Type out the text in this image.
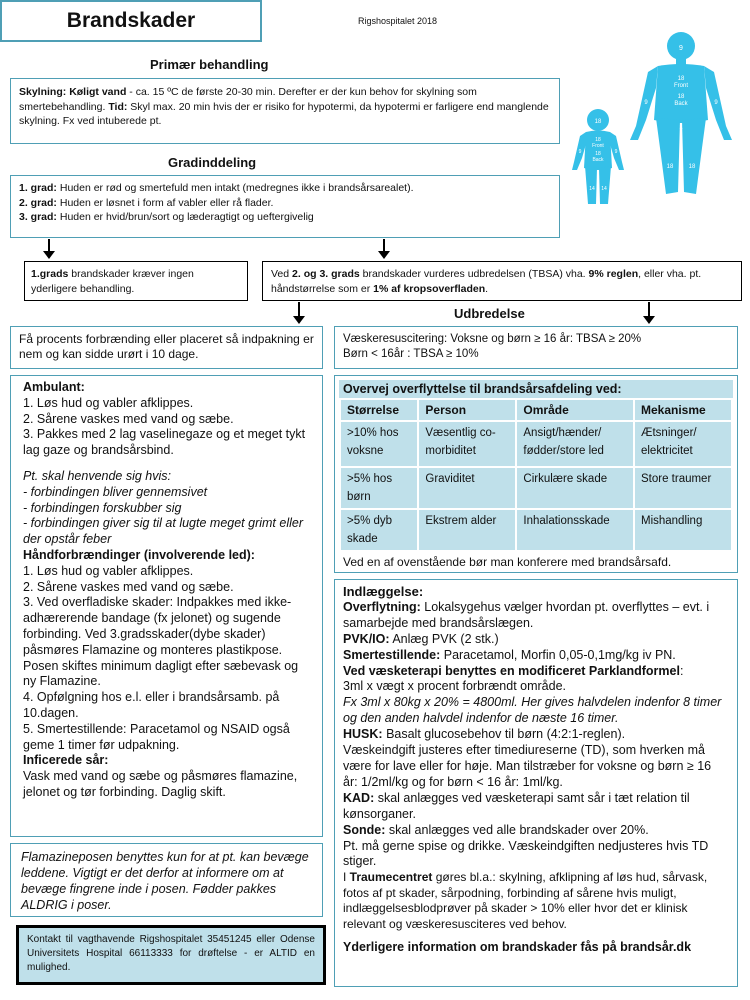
Brandskader	Rigshospitalet 2018
Primær behandling
Skylning: Køligt vand - ca. 15 ºC de første 20-30 min. Derefter er der kun behov for skylning som smertebehandling. Tid: Skyl max. 20 min hvis der er risiko for hypotermi, da hypotermi er farligere end manglende skylning. Fx ved intuberede pt.
9
18
Front
18
Back
9	9
1
18	18
18
18
Front
18
Back
9	9
14 14
Gradinddeling
1. grad: Huden er rød og smertefuld men intakt (medregnes ikke i brandsårsarealet).
2. grad: Huden er løsnet i form af vabler eller rå flader.
3. grad: Huden er hvid/brun/sort og læderagtigt og ueftergivelig
1.grads brandskader kræver ingen yderligere behandling.
Ved 2. og 3. grads brandskader vurderes udbredelsen (TBSA) vha. 9% reglen, eller vha. pt. håndstørrelse som er 1% af kropsoverfladen.
Udbredelse
Få procents forbrænding eller placeret så indpakning er nem og kan sidde urørt i 10 dage.
Væskeresuscitering: Voksne og børn ≥ 16 år: TBSA ≥ 20%
Børn < 16år : TBSA ≥ 10%
Ambulant:
1. Løs hud og vabler afklippes.
2. Sårene vaskes med vand og sæbe.
3. Pakkes med 2 lag vaselinegaze og et meget tykt lag gaze og brandsårsbind.
Pt. skal henvende sig hvis:
- forbindingen bliver gennemsivet
- forbindingen forskubber sig
- forbindingen giver sig til at lugte meget grimt eller der opstår feber
Håndforbrændinger (involverende led):
1. Løs hud og vabler afklippes.
2. Sårene vaskes med vand og sæbe.
3. Ved overfladiske skader: Indpakkes med ikke-adhærerende bandage (fx jelonet) og sugende forbinding. Ved 3.gradsskader(dybe skader) påsmøres Flamazine og monteres plastikpose. Posen skiftes minimum dagligt efter sæbevask og ny Flamazine.
4. Opfølgning hos e.l. eller i brandsårsamb. på 10.dagen.
5. Smertestillende: Paracetamol og NSAID også geme 1 timer før udpakning.
Inficerede sår:
Vask med vand og sæbe og påsmøres flamazine, jelonet og tør forbinding. Daglig skift.
Flamazineposen benyttes kun for at pt. kan bevæge leddene. Vigtigt er det derfor at informere om at bevæge fingrene inde i posen. Fødder pakkes ALDRIG i poser.
Kontakt til vagthavende Rigshospitalet 35451245 eller Odense Universitets Hospital 66113333 for drøftelse - er ALTID en mulighed.
Overvej overflyttelse til brandsårsafdeling ved:
Størrelse	Person	Område	Mekanisme
>10% hos voksne	Væsentlig co-morbiditet	Ansigt/hænder/ fødder/store led	Ætsninger/ elektricitet
>5% hos børn	Graviditet	Cirkulære skade	Store traumer
>5% dyb skade	Ekstrem alder	Inhalationsskade	Mishandling
Ved en af ovenstående bør man konferere med brandsårsafd.
Indlæggelse:
Overflytning: Lokalsygehus vælger hvordan pt. overflyttes – evt. i samarbejde med brandsårslægen.
PVK/IO: Anlæg PVK (2 stk.)
Smertestillende: Paracetamol, Morfin 0,05-0,1mg/kg iv PN.
Ved væsketerapi benyttes en modificeret Parklandformel:
3ml x vægt x procent forbrændt område.
Fx 3ml x 80kg x 20% = 4800ml. Her gives halvdelen indenfor 8 timer og den anden halvdel indenfor de næste 16 timer.
HUSK: Basalt glucosebehov til børn (4:2:1-reglen).
Væskeindgift justeres efter timediureserne (TD), som hverken må være for lave eller for høje. Man tilstræber for voksne og børn ≥ 16 år: 1/2ml/kg og for børn < 16 år: 1ml/kg.
KAD: skal anlægges ved væsketerapi samt sår i tæt relation til kønsorganer.
Sonde: skal anlægges ved alle brandskader over 20%.
Pt. må gerne spise og drikke. Væskeindgiften nedjusteres hvis TD stiger.
I Traumecentret gøres bl.a.: skylning, afklipning af løs hud, sårvask, fotos af pt skader, sårpodning, forbinding af sårene hvis muligt, indlæggelsesblodprøver på skader > 10% eller hvor det er klinisk relevant og væskeresusciteres ved behov.
Yderligere information om brandskader fås på brandsår.dk
